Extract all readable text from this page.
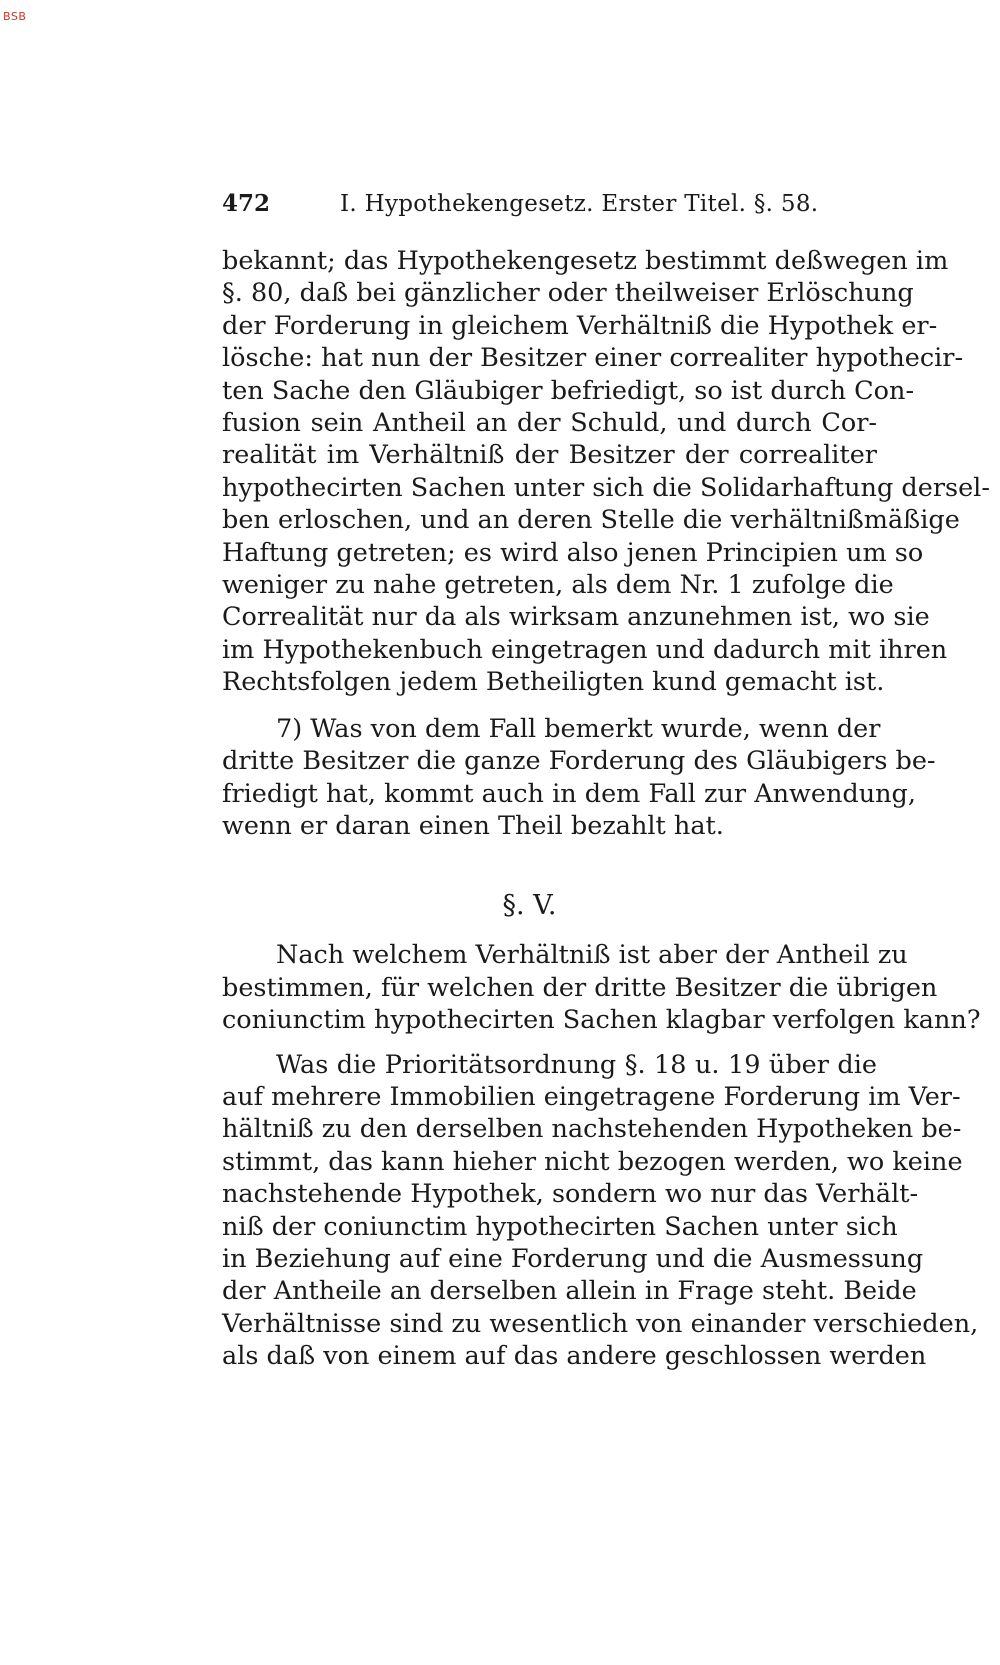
BSB
472	I. Hypothekengesetz. Erster Titel. §. 58.
bekannt; das Hypothekengesetz bestimmt deßwegen im
§. 80, daß bei gänzlicher oder theilweiser Erlöschung
der Forderung in gleichem Verhältniß die Hypothek er-
lösche: hat nun der Besitzer einer correaliter hypothecir-
ten Sache den Gläubiger befriedigt, so ist durch Con-
fusion sein Antheil an der Schuld, und durch Cor-
realität im Verhältniß der Besitzer der correaliter
hypothecirten Sachen unter sich die Solidarhaftung dersel-
ben erloschen, und an deren Stelle die verhältnißmäßige
Haftung getreten; es wird also jenen Principien um so
weniger zu nahe getreten, als dem Nr. 1 zufolge die
Correalität nur da als wirksam anzunehmen ist, wo sie
im Hypothekenbuch eingetragen und dadurch mit ihren
Rechtsfolgen jedem Betheiligten kund gemacht ist.
7) Was von dem Fall bemerkt wurde, wenn der
dritte Besitzer die ganze Forderung des Gläubigers be-
friedigt hat, kommt auch in dem Fall zur Anwendung,
wenn er daran einen Theil bezahlt hat.
§. V.
Nach welchem Verhältniß ist aber der Antheil zu
bestimmen, für welchen der dritte Besitzer die übrigen
coniunctim hypothecirten Sachen klagbar verfolgen kann?
Was die Prioritätsordnung §. 18 u. 19 über die
auf mehrere Immobilien eingetragene Forderung im Ver-
hältniß zu den derselben nachstehenden Hypotheken be-
stimmt, das kann hieher nicht bezogen werden, wo keine
nachstehende Hypothek, sondern wo nur das Verhält-
niß der coniunctim hypothecirten Sachen unter sich
in Beziehung auf eine Forderung und die Ausmessung
der Antheile an derselben allein in Frage steht. Beide
Verhältnisse sind zu wesentlich von einander verschieden,
als daß von einem auf das andere geschlossen werden
